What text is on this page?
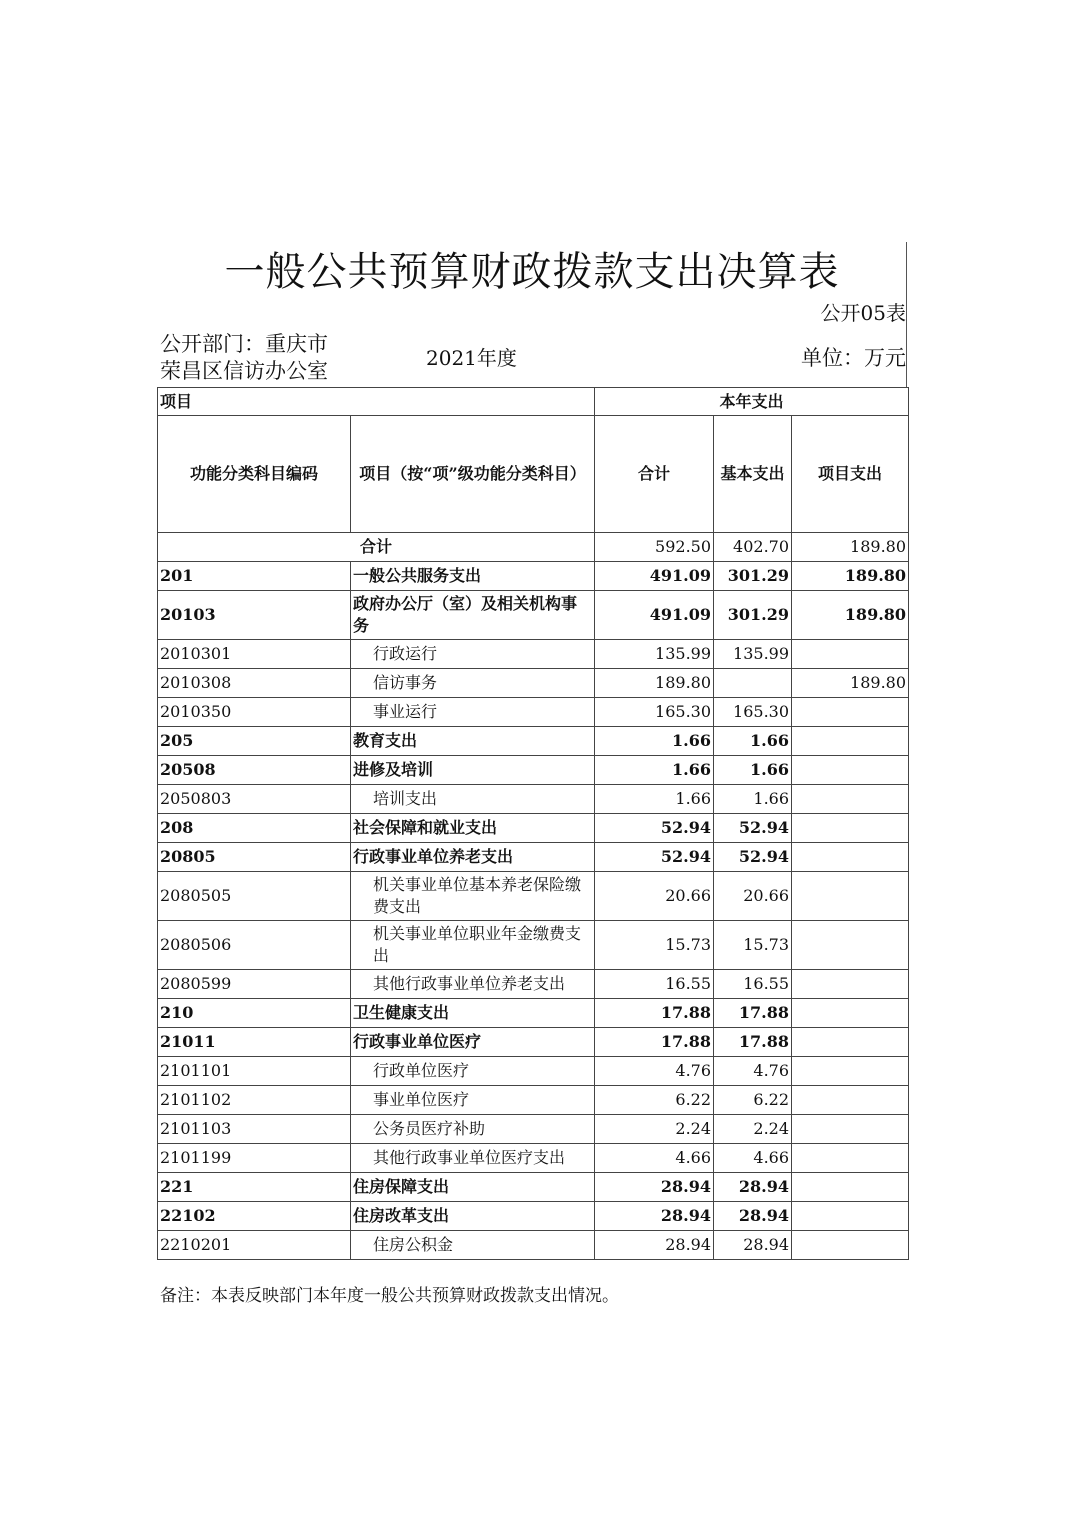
一般公共预算财政拨款支出决算表
公开05表
公开部门：重庆市
荣昌区信访办公室
2021年度	单位：万元
项目		本年支出		
功能分类科目编码	项目（按“项”级功能分类科目）	合计	基本支出	项目支出
合计		592.50	402.70	189.80
201	一般公共服务支出	491.09	301.29	189.80
20103	政府办公厅（室）及相关机构事务	491.09	301.29	189.80
2010301	行政运行	135.99	135.99	
2010308	信访事务	189.80		189.80
2010350	事业运行	165.30	165.30	
205	教育支出	1.66	1.66	
20508	进修及培训	1.66	1.66	
2050803	培训支出	1.66	1.66	
208	社会保障和就业支出	52.94	52.94	
20805	行政事业单位养老支出	52.94	52.94	
2080505	机关事业单位基本养老保险缴费支出	20.66	20.66	
2080506	机关事业单位职业年金缴费支出	15.73	15.73	
2080599	其他行政事业单位养老支出	16.55	16.55	
210	卫生健康支出	17.88	17.88	
21011	行政事业单位医疗	17.88	17.88	
2101101	行政单位医疗	4.76	4.76	
2101102	事业单位医疗	6.22	6.22	
2101103	公务员医疗补助	2.24	2.24	
2101199	其他行政事业单位医疗支出	4.66	4.66	
221	住房保障支出	28.94	28.94	
22102	住房改革支出	28.94	28.94	
2210201	住房公积金	28.94	28.94	
备注：本表反映部门本年度一般公共预算财政拨款支出情况。
